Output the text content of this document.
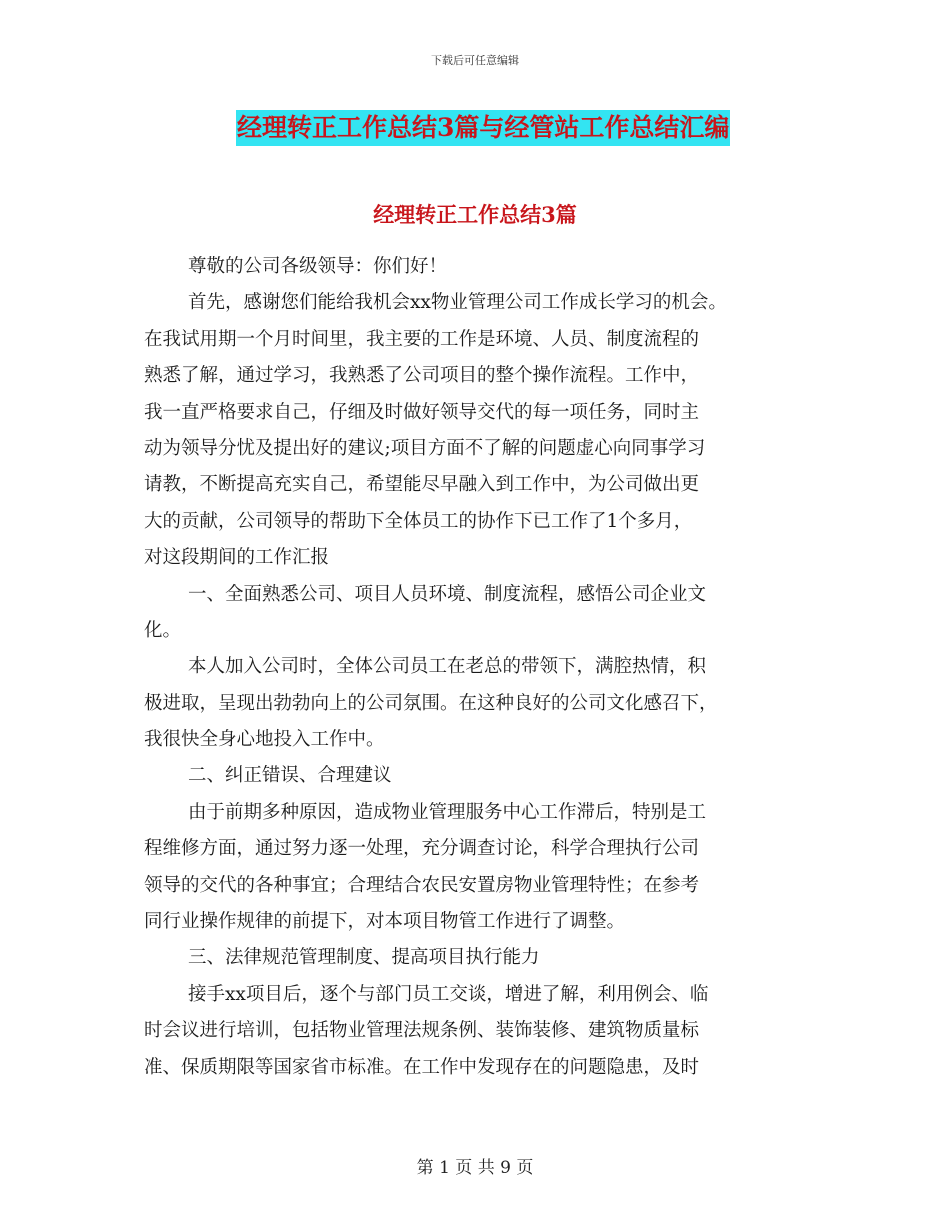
下载后可任意编辑
经理转正工作总结3篇与经管站工作总结汇编
经理转正工作总结3篇
尊敬的公司各级领导：你们好！
首先，感谢您们能给我机会xx物业管理公司工作成长学习的机会。
在我试用期一个月时间里，我主要的工作是环境、人员、制度流程的
熟悉了解，通过学习，我熟悉了公司项目的整个操作流程。工作中，
我一直严格要求自己，仔细及时做好领导交代的每一项任务，同时主
动为领导分忧及提出好的建议;项目方面不了解的问题虚心向同事学习
请教，不断提高充实自己，希望能尽早融入到工作中，为公司做出更
大的贡献，公司领导的帮助下全体员工的协作下已工作了1个多月，
对这段期间的工作汇报
一、全面熟悉公司、项目人员环境、制度流程，感悟公司企业文
化。
本人加入公司时，全体公司员工在老总的带领下，满腔热情，积
极进取，呈现出勃勃向上的公司氛围。在这种良好的公司文化感召下，
我很快全身心地投入工作中。
二、纠正错误、合理建议
由于前期多种原因，造成物业管理服务中心工作滞后，特别是工
程维修方面，通过努力逐一处理，充分调查讨论，科学合理执行公司
领导的交代的各种事宜；合理结合农民安置房物业管理特性；在参考
同行业操作规律的前提下，对本项目物管工作进行了调整。
三、法律规范管理制度、提高项目执行能力
接手xx项目后，逐个与部门员工交谈，增进了解，利用例会、临
时会议进行培训，包括物业管理法规条例、装饰装修、建筑物质量标
准、保质期限等国家省市标准。在工作中发现存在的问题隐患，及时
第 1 页 共 9 页
